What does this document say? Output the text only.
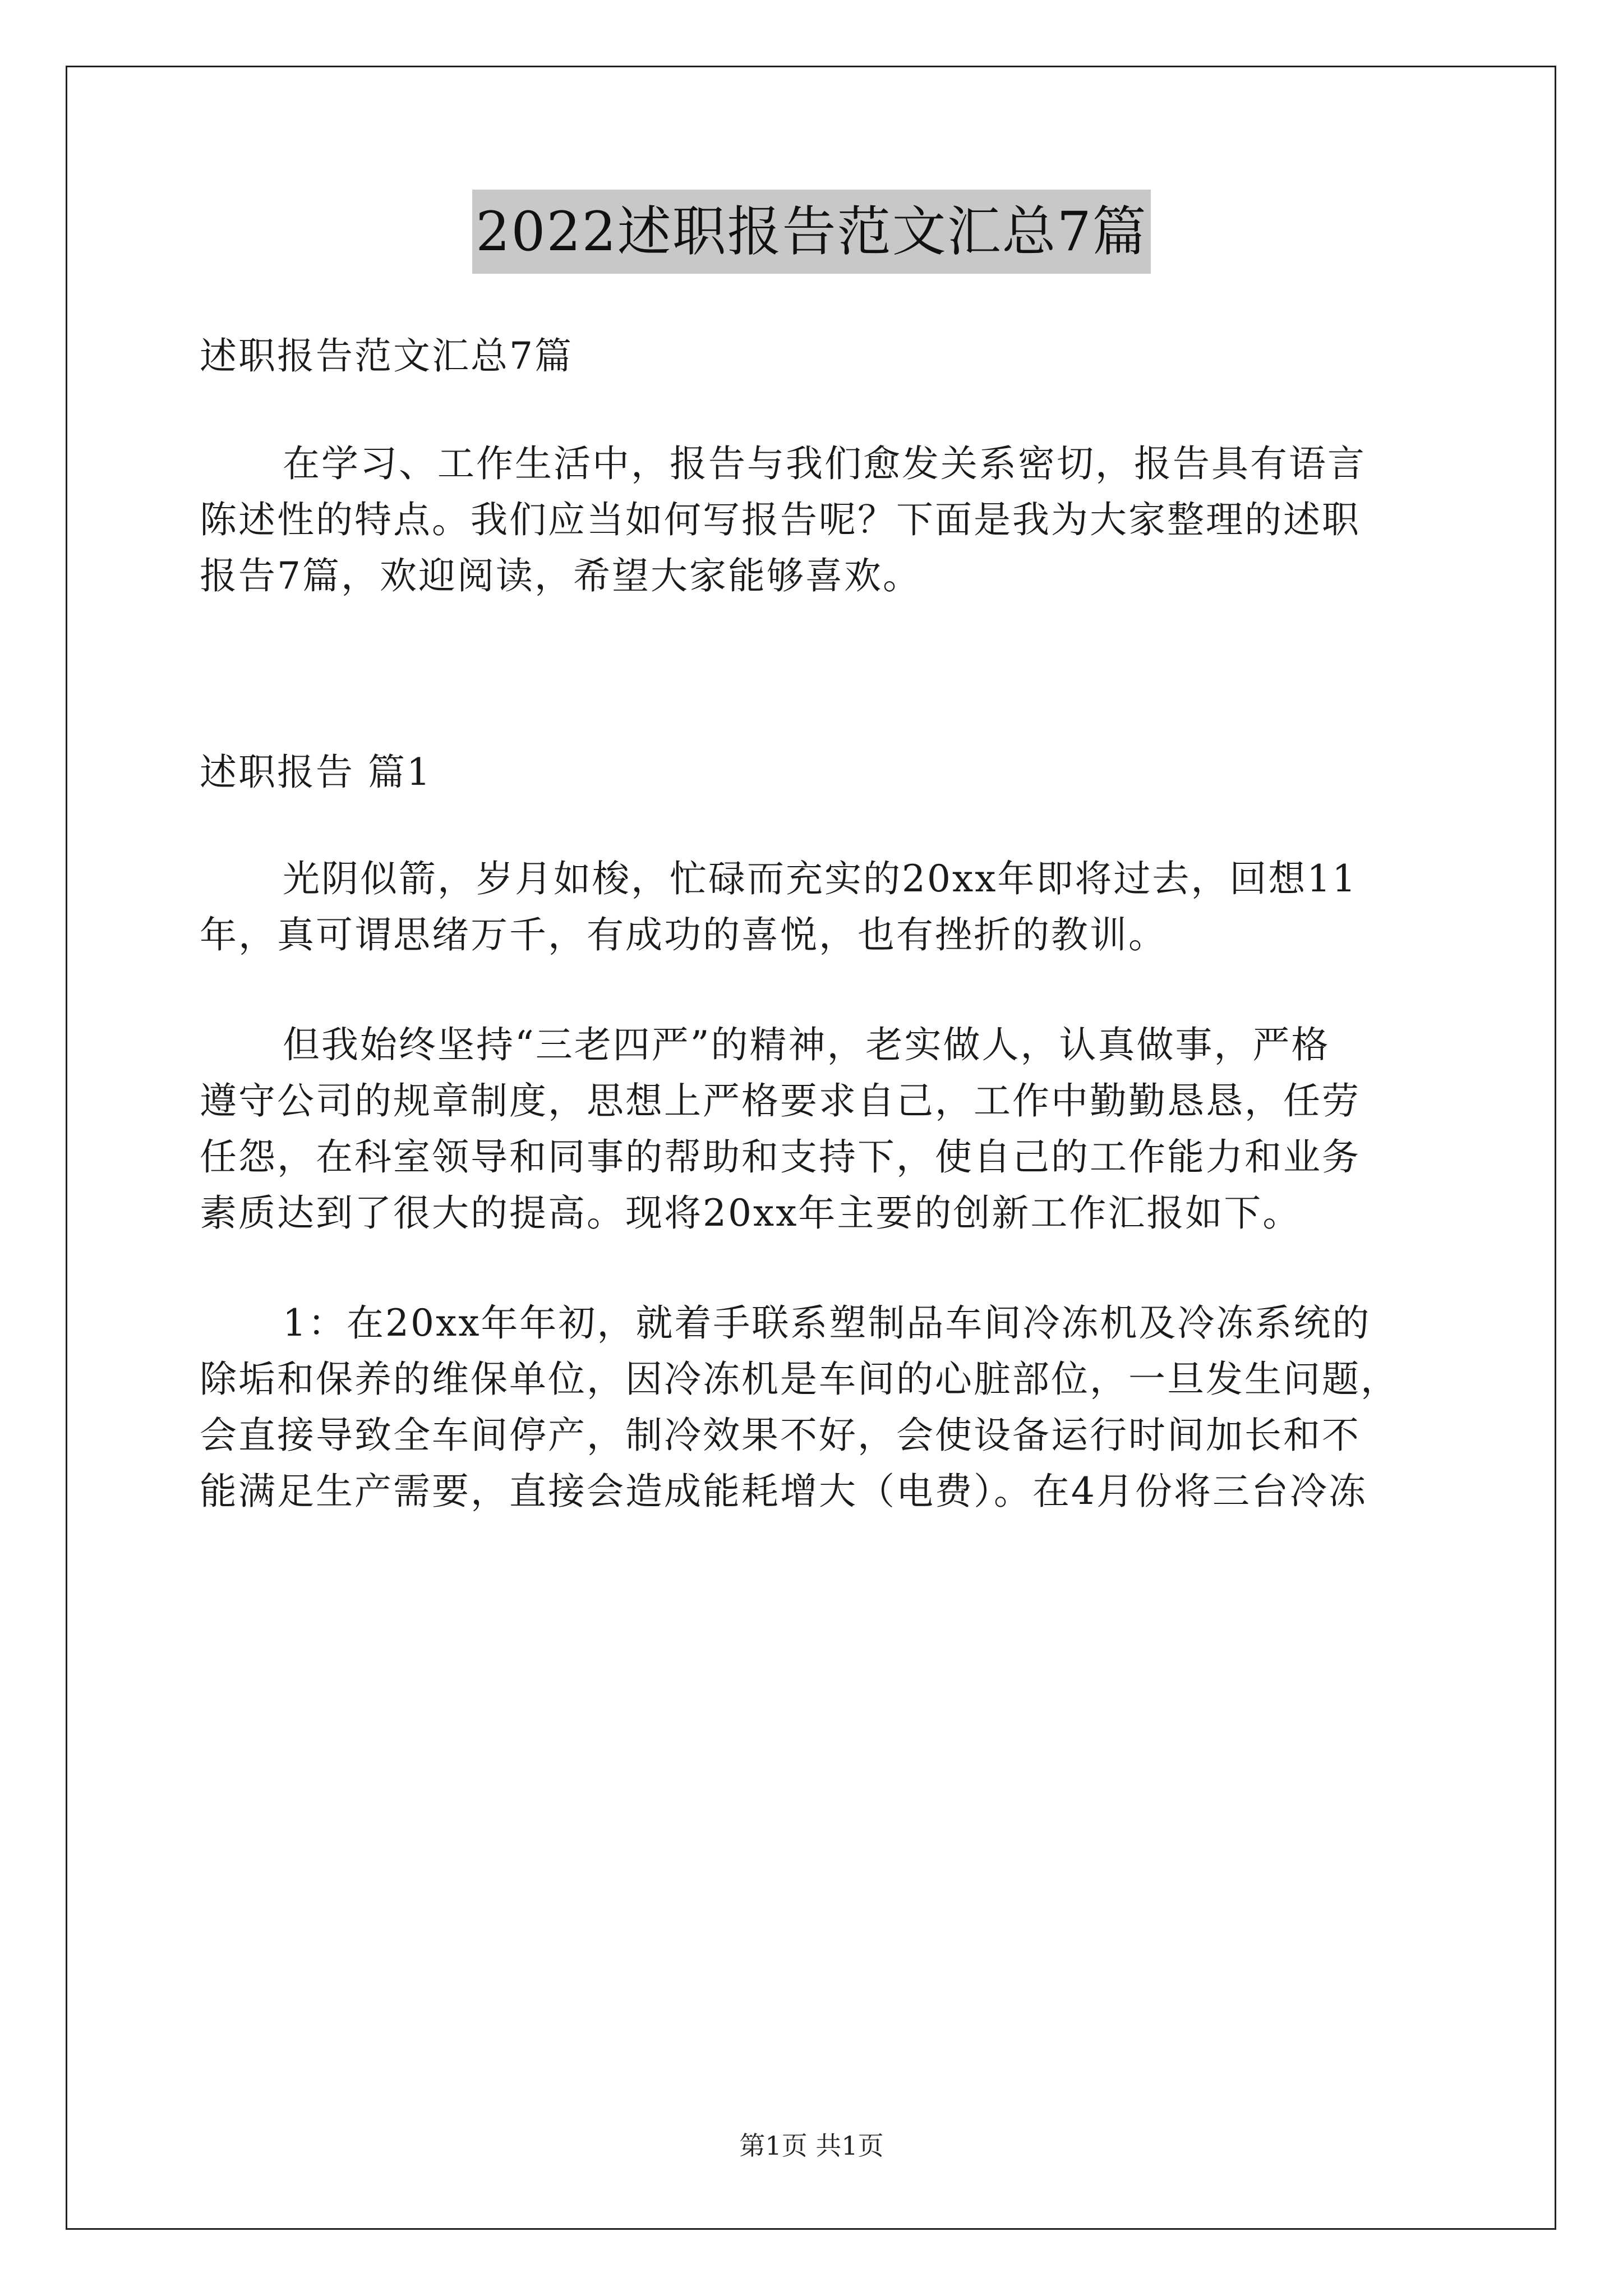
2022述职报告范文汇总7篇

述职报告范文汇总7篇

在学习、工作生活中，报告与我们愈发关系密切，报告具有语言

陈述性的特点。我们应当如何写报告呢？下面是我为大家整理的述职

报告7篇，欢迎阅读，希望大家能够喜欢。

述职报告 篇1

光阴似箭，岁月如梭，忙碌而充实的20xx年即将过去，回想11

年，真可谓思绪万千，有成功的喜悦，也有挫折的教训。

但我始终坚持“三老四严”的精神，老实做人，认真做事，严格

遵守公司的规章制度，思想上严格要求自己，工作中勤勤恳恳，任劳

任怨，在科室领导和同事的帮助和支持下，使自己的工作能力和业务

素质达到了很大的提高。现将20xx年主要的创新工作汇报如下。

1：在20xx年年初，就着手联系塑制品车间冷冻机及冷冻系统的

除垢和保养的维保单位，因冷冻机是车间的心脏部位，一旦发生问题，

会直接导致全车间停产，制冷效果不好，会使设备运行时间加长和不

能满足生产需要，直接会造成能耗增大（电费）。在4月份将三台冷冻

第1页 共1页
